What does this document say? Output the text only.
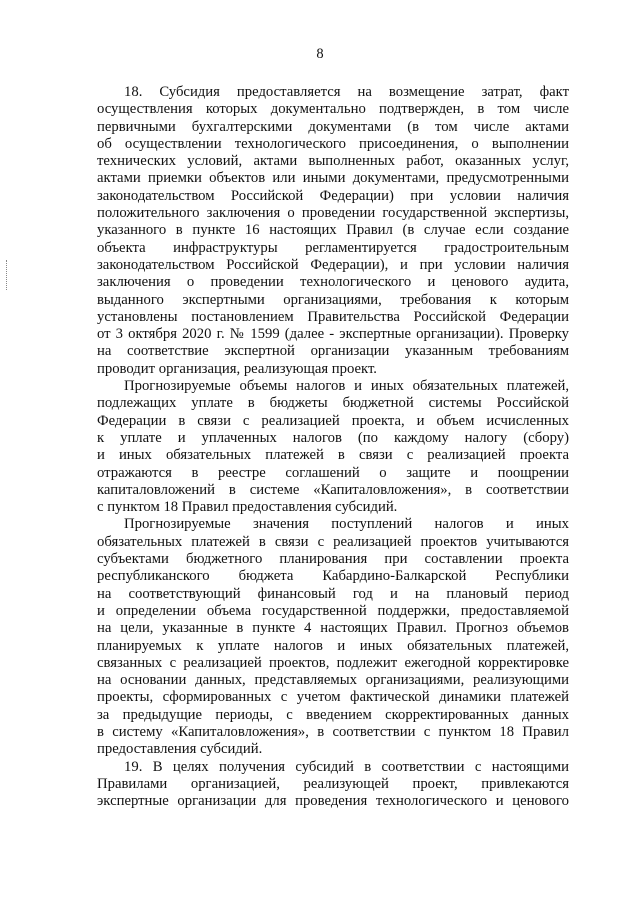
8
18. Субсидия предоставляется на возмещение затрат, факт
осуществления которых документально подтвержден, в том числе
первичными бухгалтерскими документами (в том числе актами
об осуществлении технологического присоединения, о выполнении
технических условий, актами выполненных работ, оказанных услуг,
актами приемки объектов или иными документами, предусмотренными
законодательством Российской Федерации) при условии наличия
положительного заключения о проведении государственной экспертизы,
указанного в пункте 16 настоящих Правил (в случае если создание
объекта инфраструктуры регламентируется градостроительным
законодательством Российской Федерации), и при условии наличия
заключения о проведении технологического и ценового аудита,
выданного экспертными организациями, требования к которым
установлены постановлением Правительства Российской Федерации
от 3 октября 2020 г. № 1599 (далее - экспертные организации). Проверку
на соответствие экспертной организации указанным требованиям
проводит организация, реализующая проект.
Прогнозируемые объемы налогов и иных обязательных платежей,
подлежащих уплате в бюджеты бюджетной системы Российской
Федерации в связи с реализацией проекта, и объем исчисленных
к уплате и уплаченных налогов (по каждому налогу (сбору)
и иных обязательных платежей в связи с реализацией проекта
отражаются в реестре соглашений о защите и поощрении
капиталовложений в системе «Капиталовложения», в соответствии
с пунктом 18 Правил предоставления субсидий.
Прогнозируемые значения поступлений налогов и иных
обязательных платежей в связи с реализацией проектов учитываются
субъектами бюджетного планирования при составлении проекта
республиканского бюджета Кабардино-Балкарской Республики
на соответствующий финансовый год и на плановый период
и определении объема государственной поддержки, предоставляемой
на цели, указанные в пункте 4 настоящих Правил. Прогноз объемов
планируемых к уплате налогов и иных обязательных платежей,
связанных с реализацией проектов, подлежит ежегодной корректировке
на основании данных, представляемых организациями, реализующими
проекты, сформированных с учетом фактической динамики платежей
за предыдущие периоды, с введением скорректированных данных
в систему «Капиталовложения», в соответствии с пунктом 18 Правил
предоставления субсидий.
19. В целях получения субсидий в соответствии с настоящими
Правилами организацией, реализующей проект, привлекаются
экспертные организации для проведения технологического и ценового
